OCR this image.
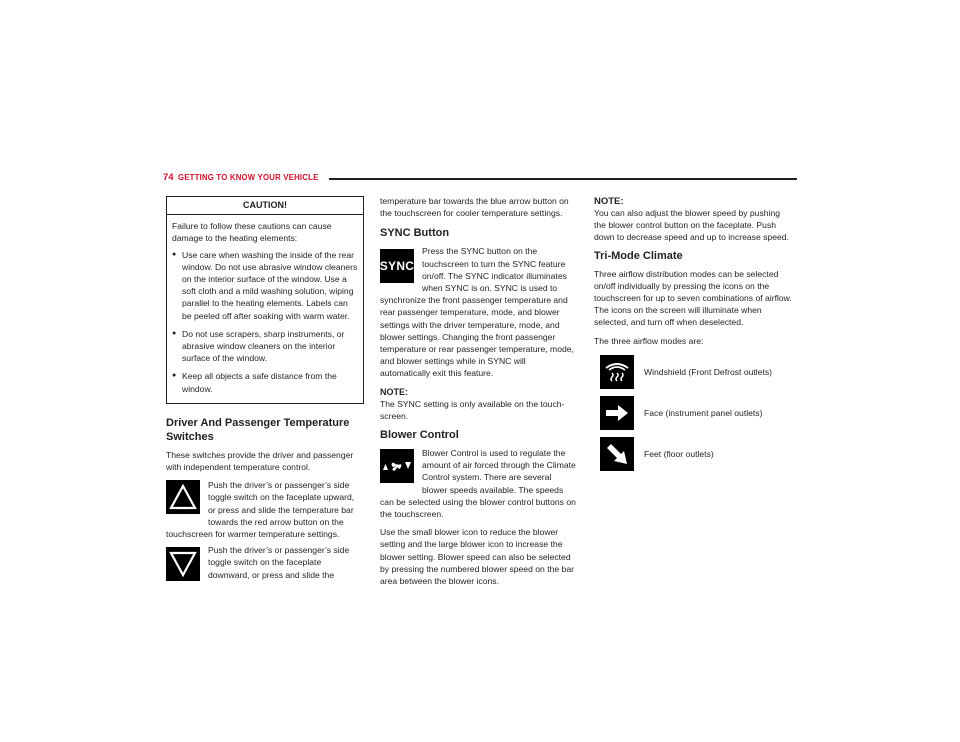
74 GETTING TO KNOW YOUR VEHICLE
CAUTION!
Failure to follow these cautions can cause damage to the heating elements:
● Use care when washing the inside of the rear window. Do not use abrasive window cleaners on the interior surface of the window. Use a soft cloth and a mild washing solution, wiping parallel to the heating elements. Labels can be peeled off after soaking with warm water.
● Do not use scrapers, sharp instruments, or abrasive window cleaners on the interior surface of the window.
● Keep all objects a safe distance from the window.
Driver And Passenger Temperature Switches

These switches provide the driver and passenger with independent temperature control.

Push the driver’s or passenger’s side toggle switch on the faceplate upward, or press and slide the temperature bar towards the red arrow button on the touchscreen for warmer temperature settings.
Push the driver’s or passenger’s side toggle switch on the faceplate downward, or press and slide the

temperature bar towards the blue arrow button on the touchscreen for cooler temperature settings.

SYNC Button
SYNC
Press the SYNC button on the touchscreen to turn the SYNC feature on/off. The SYNC indicator illuminates when SYNC is on. SYNC is used to synchronize the front passenger temperature and rear passenger temperature, mode, and blower settings with the driver temperature, mode, and blower settings. Changing the front passenger temperature or rear passenger temperature, mode, and blower settings while in SYNC will automatically exit this feature.
NOTE:

The SYNC setting is only available on the touch-screen.

Blower Control
Blower Control is used to regulate the amount of air forced through the Climate Control system. There are several blower speeds available. The speeds can be selected using the blower control buttons on the touchscreen.

Use the small blower icon to reduce the blower setting and the large blower icon to increase the blower setting. Blower speed can also be selected by pressing the numbered blower speed on the bar area between the blower icons.

NOTE:

You can also adjust the blower speed by pushing the blower control button on the faceplate. Push down to decrease speed and up to increase speed.

Tri-Mode Climate

Three airflow distribution modes can be selected on/off individually by pressing the icons on the touchscreen for up to seven combinations of airflow. The icons on the screen will illuminate when selected, and turn off when deselected.

The three airflow modes are:

Windshield (Front Defrost outlets)
Face (instrument panel outlets)
Feet (floor outlets)
